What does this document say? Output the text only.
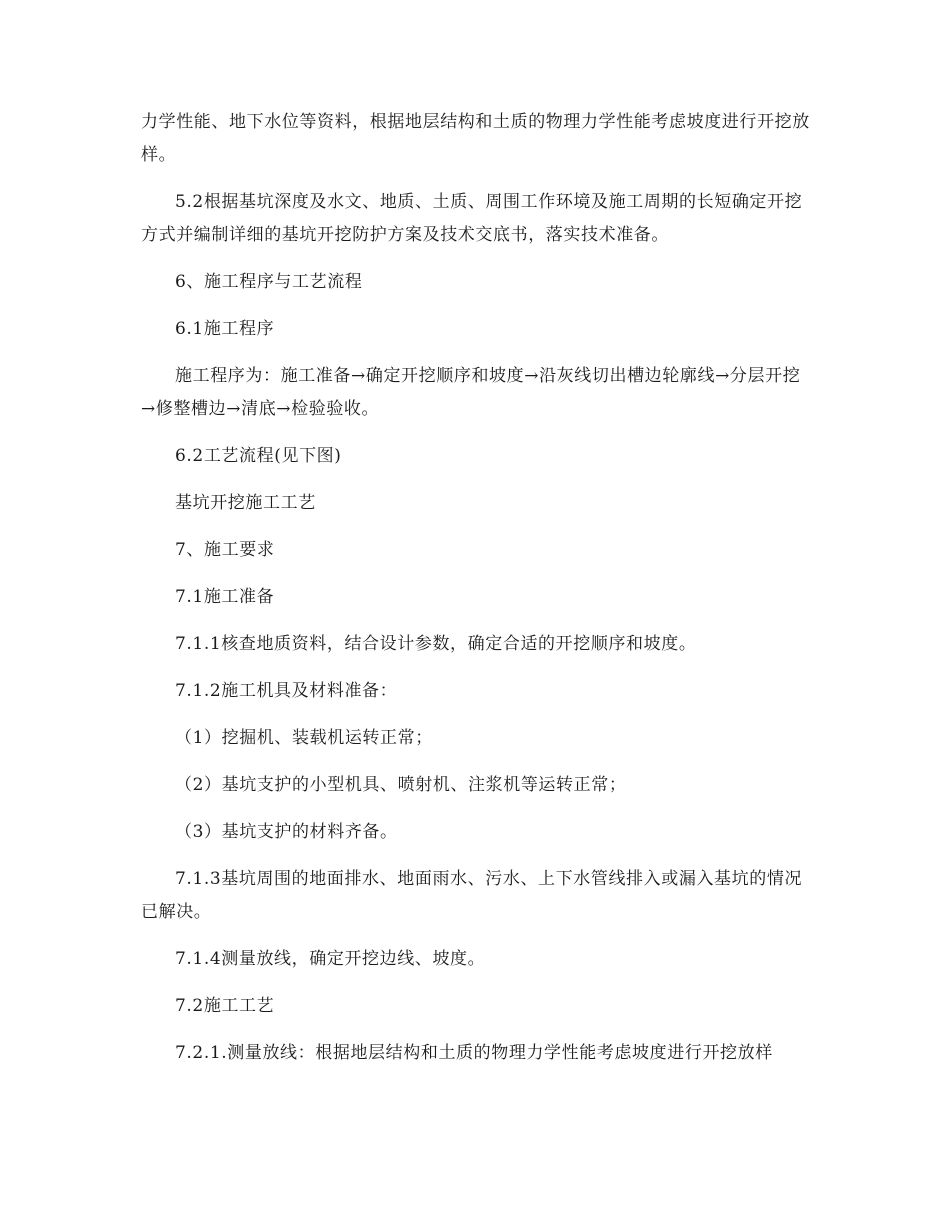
力学性能、地下水位等资料，根据地层结构和土质的物理力学性能考虑坡度进行开挖放样。

5.2根据基坑深度及水文、地质、土质、周围工作环境及施工周期的长短确定开挖方式并编制详细的基坑开挖防护方案及技术交底书，落实技术准备。

6、施工程序与工艺流程

6.1施工程序

施工程序为：施工准备→确定开挖顺序和坡度→沿灰线切出槽边轮廓线→分层开挖→修整槽边→清底→检验验收。

6.2工艺流程(见下图)

基坑开挖施工工艺

7、施工要求

7.1施工准备

7.1.1核查地质资料，结合设计参数，确定合适的开挖顺序和坡度。

7.1.2施工机具及材料准备：

（1）挖掘机、装载机运转正常；

（2）基坑支护的小型机具、喷射机、注浆机等运转正常；

（3）基坑支护的材料齐备。

7.1.3基坑周围的地面排水、地面雨水、污水、上下水管线排入或漏入基坑的情况已解决。

7.1.4测量放线，确定开挖边线、坡度。

7.2施工工艺

7.2.1.测量放线：根据地层结构和土质的物理力学性能考虑坡度进行开挖放样
